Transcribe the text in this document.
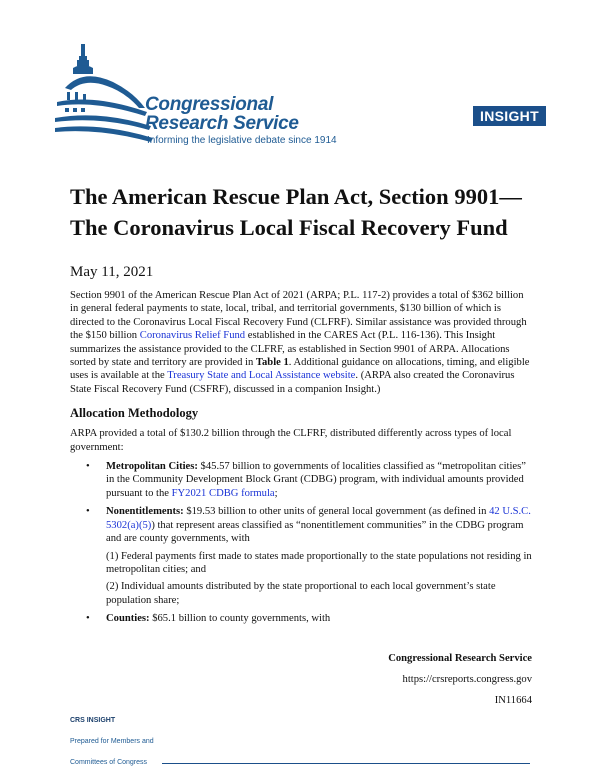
Congressional
Research Service
Informing the legislative debate since 1914
INSIGHT
The American Rescue Plan Act, Section 9901—
The Coronavirus Local Fiscal Recovery Fund
May 11, 2021

Section 9901 of the American Rescue Plan Act of 2021 (ARPA; P.L. 117-2) provides a total of $362 billion in general federal payments to state, local, tribal, and territorial governments, $130 billion of which is directed to the Coronavirus Local Fiscal Recovery Fund (CLFRF). Similar assistance was provided through the $150 billion Coronavirus Relief Fund established in the CARES Act (P.L. 116-136). This Insight summarizes the assistance provided to the CLFRF, as established in Section 9901 of ARPA. Allocations sorted by state and territory are provided in Table 1. Additional guidance on allocations, timing, and eligible uses is available at the Treasury State and Local Assistance website. (ARPA also created the Coronavirus State Fiscal Recovery Fund (CSFRF), discussed in a companion Insight.)

Allocation Methodology

ARPA provided a total of $130.2 billion through the CLFRF, distributed differently across types of local government:

• Metropolitan Cities: $45.57 billion to governments of localities classified as “metropolitan cities” in the Community Development Block Grant (CDBG) program, with individual amounts provided pursuant to the FY2021 CDBG formula;

• Nonentitlements: $19.53 billion to other units of general local government (as defined in 42 U.S.C. 5302(a)(5)) that represent areas classified as “nonentitlement communities” in the CDBG program and are county governments, with

(1) Federal payments first made to states made proportionally to the state populations not residing in metropolitan cities; and

(2) Individual amounts distributed by the state proportional to each local government’s state population share;

• Counties: $65.1 billion to county governments, with

Congressional Research Service
https://crsreports.congress.gov
IN11664
CRS INSIGHT
Prepared for Members and
Committees of Congress
